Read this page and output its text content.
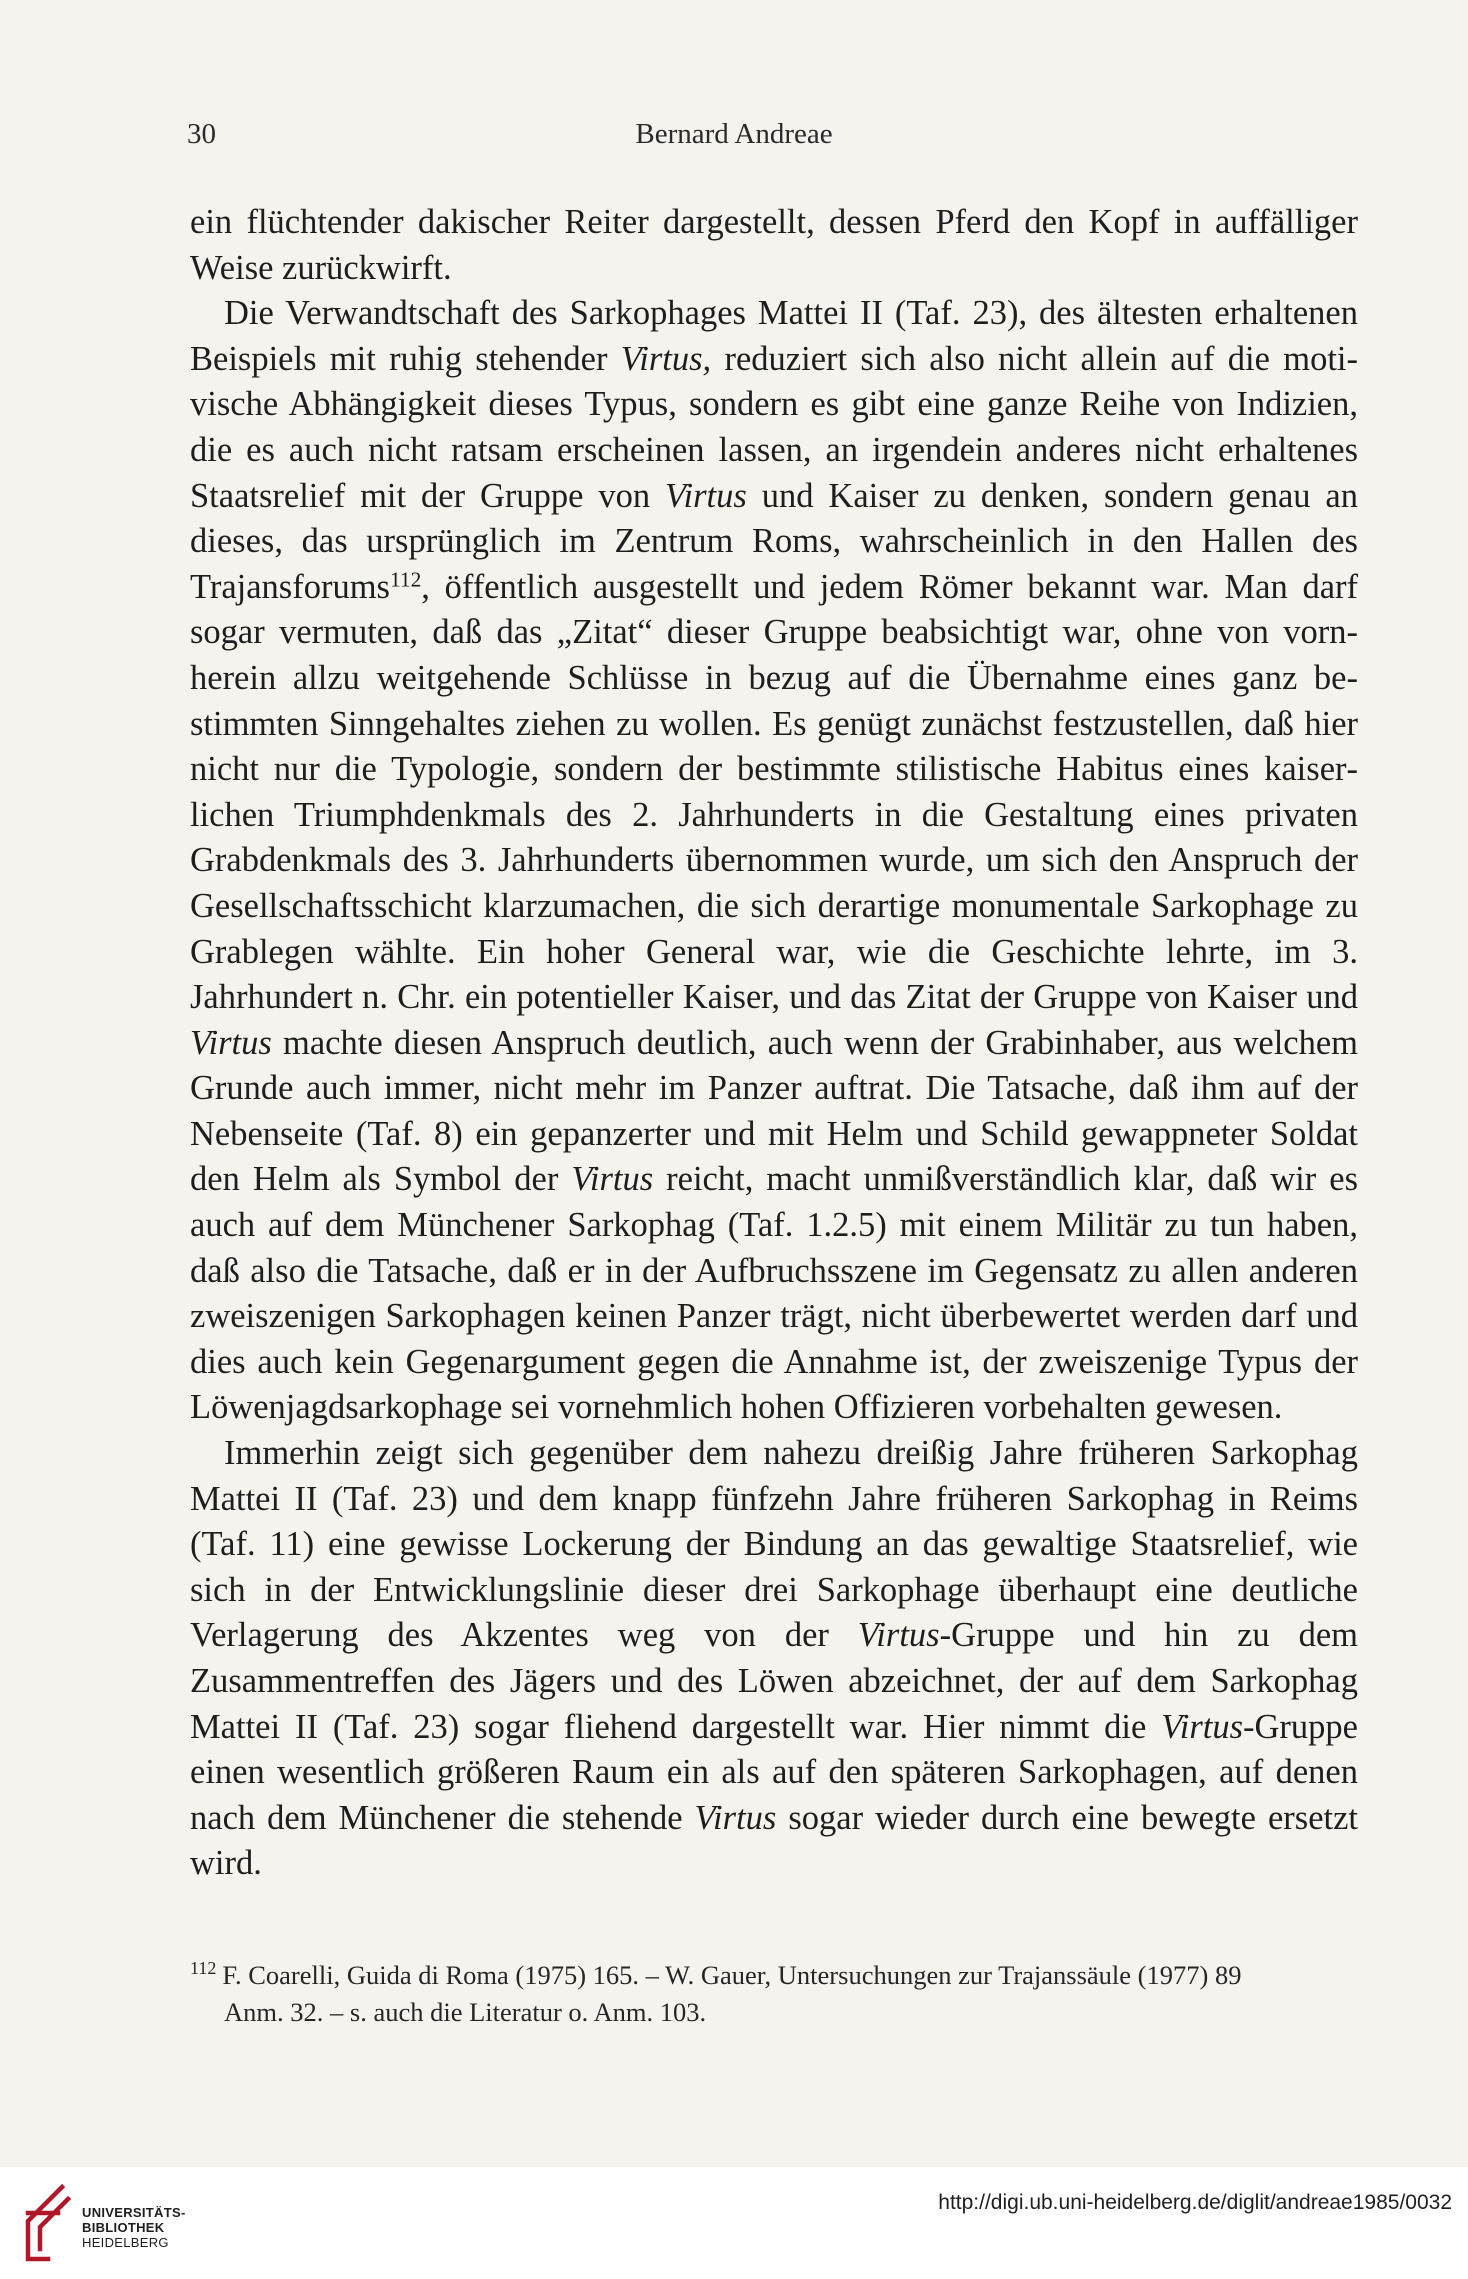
30	Bernard Andreae

ein flüchtender dakischer Reiter dargestellt, dessen Pferd den Kopf in auffälliger Weise zurückwirft.

Die Verwandtschaft des Sarkophages Mattei II (Taf. 23), des ältesten erhaltenen Beispiels mit ruhig stehender Virtus, reduziert sich also nicht allein auf die motivische Abhängigkeit dieses Typus, sondern es gibt eine ganze Reihe von Indizien, die es auch nicht ratsam erscheinen lassen, an irgendein anderes nicht erhaltenes Staatsrelief mit der Gruppe von Virtus und Kaiser zu denken, sondern genau an dieses, das ursprünglich im Zentrum Roms, wahrscheinlich in den Hallen des Trajansforums$^{112}$, öffentlich ausgestellt und jedem Römer bekannt war. Man darf sogar vermuten, daß das „Zitat“ dieser Gruppe beabsichtigt war, ohne von vornherein allzu weitgehende Schlüsse in bezug auf die Übernahme eines ganz bestimmten Sinngehaltes ziehen zu wollen. Es genügt zunächst festzustellen, daß hier nicht nur die Typologie, sondern der bestimmte stilistische Habitus eines kaiserlichen Triumphdenkmals des 2. Jahrhunderts in die Gestaltung eines privaten Grabdenkmals des 3. Jahrhunderts übernommen wurde, um sich den Anspruch der Gesellschaftsschicht klarzumachen, die sich derartige monumentale Sarkophage zu Grablegen wählte. Ein hoher General war, wie die Geschichte lehrte, im 3. Jahrhundert n. Chr. ein potentieller Kaiser, und das Zitat der Gruppe von Kaiser und Virtus machte diesen Anspruch deutlich, auch wenn der Grabinhaber, aus welchem Grunde auch immer, nicht mehr im Panzer auftrat. Die Tatsache, daß ihm auf der Nebenseite (Taf. 8) ein gepanzerter und mit Helm und Schild gewappneter Soldat den Helm als Symbol der Virtus reicht, macht unmißverständlich klar, daß wir es auch auf dem Münchener Sarkophag (Taf. 1.2.5) mit einem Militär zu tun haben, daß also die Tatsache, daß er in der Aufbruchsszene im Gegensatz zu allen anderen zweiszenigen Sarkophagen keinen Panzer trägt, nicht überbewertet werden darf und dies auch kein Gegenargument gegen die Annahme ist, der zweiszenige Typus der Löwenjagdsarkophage sei vornehmlich hohen Offizieren vorbehalten gewesen.

Immerhin zeigt sich gegenüber dem nahezu dreißig Jahre früheren Sarkophag Mattei II (Taf. 23) und dem knapp fünfzehn Jahre früheren Sarkophag in Reims (Taf. 11) eine gewisse Lockerung der Bindung an das gewaltige Staatsrelief, wie sich in der Entwicklungslinie dieser drei Sarkophage überhaupt eine deutliche Verlagerung des Akzentes weg von der Virtus-Gruppe und hin zu dem Zusammentreffen des Jägers und des Löwen abzeichnet, der auf dem Sarkophag Mattei II (Taf. 23) sogar fliehend dargestellt war. Hier nimmt die Virtus-Gruppe einen wesentlich größeren Raum ein als auf den späteren Sarkophagen, auf denen nach dem Münchener die stehende Virtus sogar wieder durch eine bewegte ersetzt wird.

$^{112}$ F. Coarelli, Guida di Roma (1975) 165. – W. Gauer, Untersuchungen zur Trajanssäule (1977) 89
Anm. 32. – s. auch die Literatur o. Anm. 103.
UNIVERSITÄTS-
BIBLIOTHEK
HEIDELBERG
http://digi.ub.uni-heidelberg.de/diglit/andreae1985/0032
